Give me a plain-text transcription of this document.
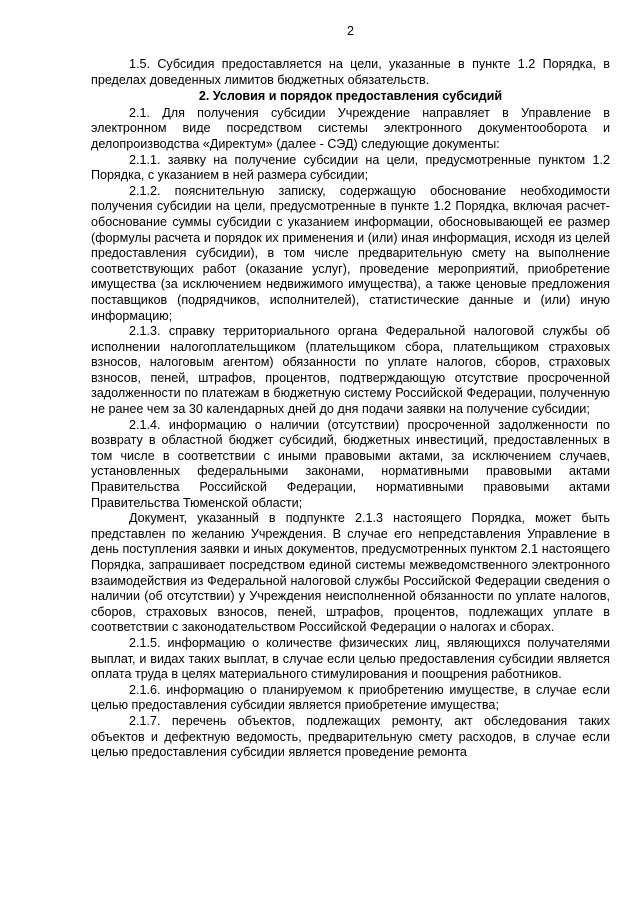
2

1.5. Субсидия предоставляется на цели, указанные в пункте 1.2 Порядка, в пределах доведенных лимитов бюджетных обязательств.

2. Условия и порядок предоставления субсидий

2.1. Для получения субсидии Учреждение направляет в Управление в электронном виде посредством системы электронного документооборота и делопроизводства «Директум» (далее - СЭД) следующие документы:

2.1.1. заявку на получение субсидии на цели, предусмотренные пунктом 1.2 Порядка, с указанием в ней размера субсидии;

2.1.2. пояснительную записку, содержащую обоснование необходимости получения субсидии на цели, предусмотренные в пункте 1.2 Порядка, включая расчет-обоснование суммы субсидии с указанием информации, обосновывающей ее размер (формулы расчета и порядок их применения и (или) иная информация, исходя из целей предоставления субсидии), в том числе предварительную смету на выполнение соответствующих работ (оказание услуг), проведение мероприятий, приобретение имущества (за исключением недвижимого имущества), а также ценовые предложения поставщиков (подрядчиков, исполнителей), статистические данные и (или) иную информацию;

2.1.3. справку территориального органа Федеральной налоговой службы об исполнении налогоплательщиком (плательщиком сбора, плательщиком страховых взносов, налоговым агентом) обязанности по уплате налогов, сборов, страховых взносов, пеней, штрафов, процентов, подтверждающую отсутствие просроченной задолженности по платежам в бюджетную систему Российской Федерации, полученную не ранее чем за 30 календарных дней до дня подачи заявки на получение субсидии;

2.1.4. информацию о наличии (отсутствии) просроченной задолженности по возврату в областной бюджет субсидий, бюджетных инвестиций, предоставленных в том числе в соответствии с иными правовыми актами, за исключением случаев, установленных федеральными законами, нормативными правовыми актами Правительства Российской Федерации, нормативными правовыми актами Правительства Тюменской области;

Документ, указанный в подпункте 2.1.3 настоящего Порядка, может быть представлен по желанию Учреждения. В случае его непредставления Управление в день поступления заявки и иных документов, предусмотренных пунктом 2.1 настоящего Порядка, запрашивает посредством единой системы межведомственного электронного взаимодействия из Федеральной налоговой службы Российской Федерации сведения о наличии (об отсутствии) у Учреждения неисполненной обязанности по уплате налогов, сборов, страховых взносов, пеней, штрафов, процентов, подлежащих уплате в соответствии с законодательством Российской Федерации о налогах и сборах.

2.1.5. информацию о количестве физических лиц, являющихся получателями выплат, и видах таких выплат, в случае если целью предоставления субсидии является оплата труда в целях материального стимулирования и поощрения работников.

2.1.6. информацию о планируемом к приобретению имуществе, в случае если целью предоставления субсидии является приобретение имущества;

2.1.7. перечень объектов, подлежащих ремонту, акт обследования таких объектов и дефектную ведомость, предварительную смету расходов, в случае если целью предоставления субсидии является проведение ремонта
